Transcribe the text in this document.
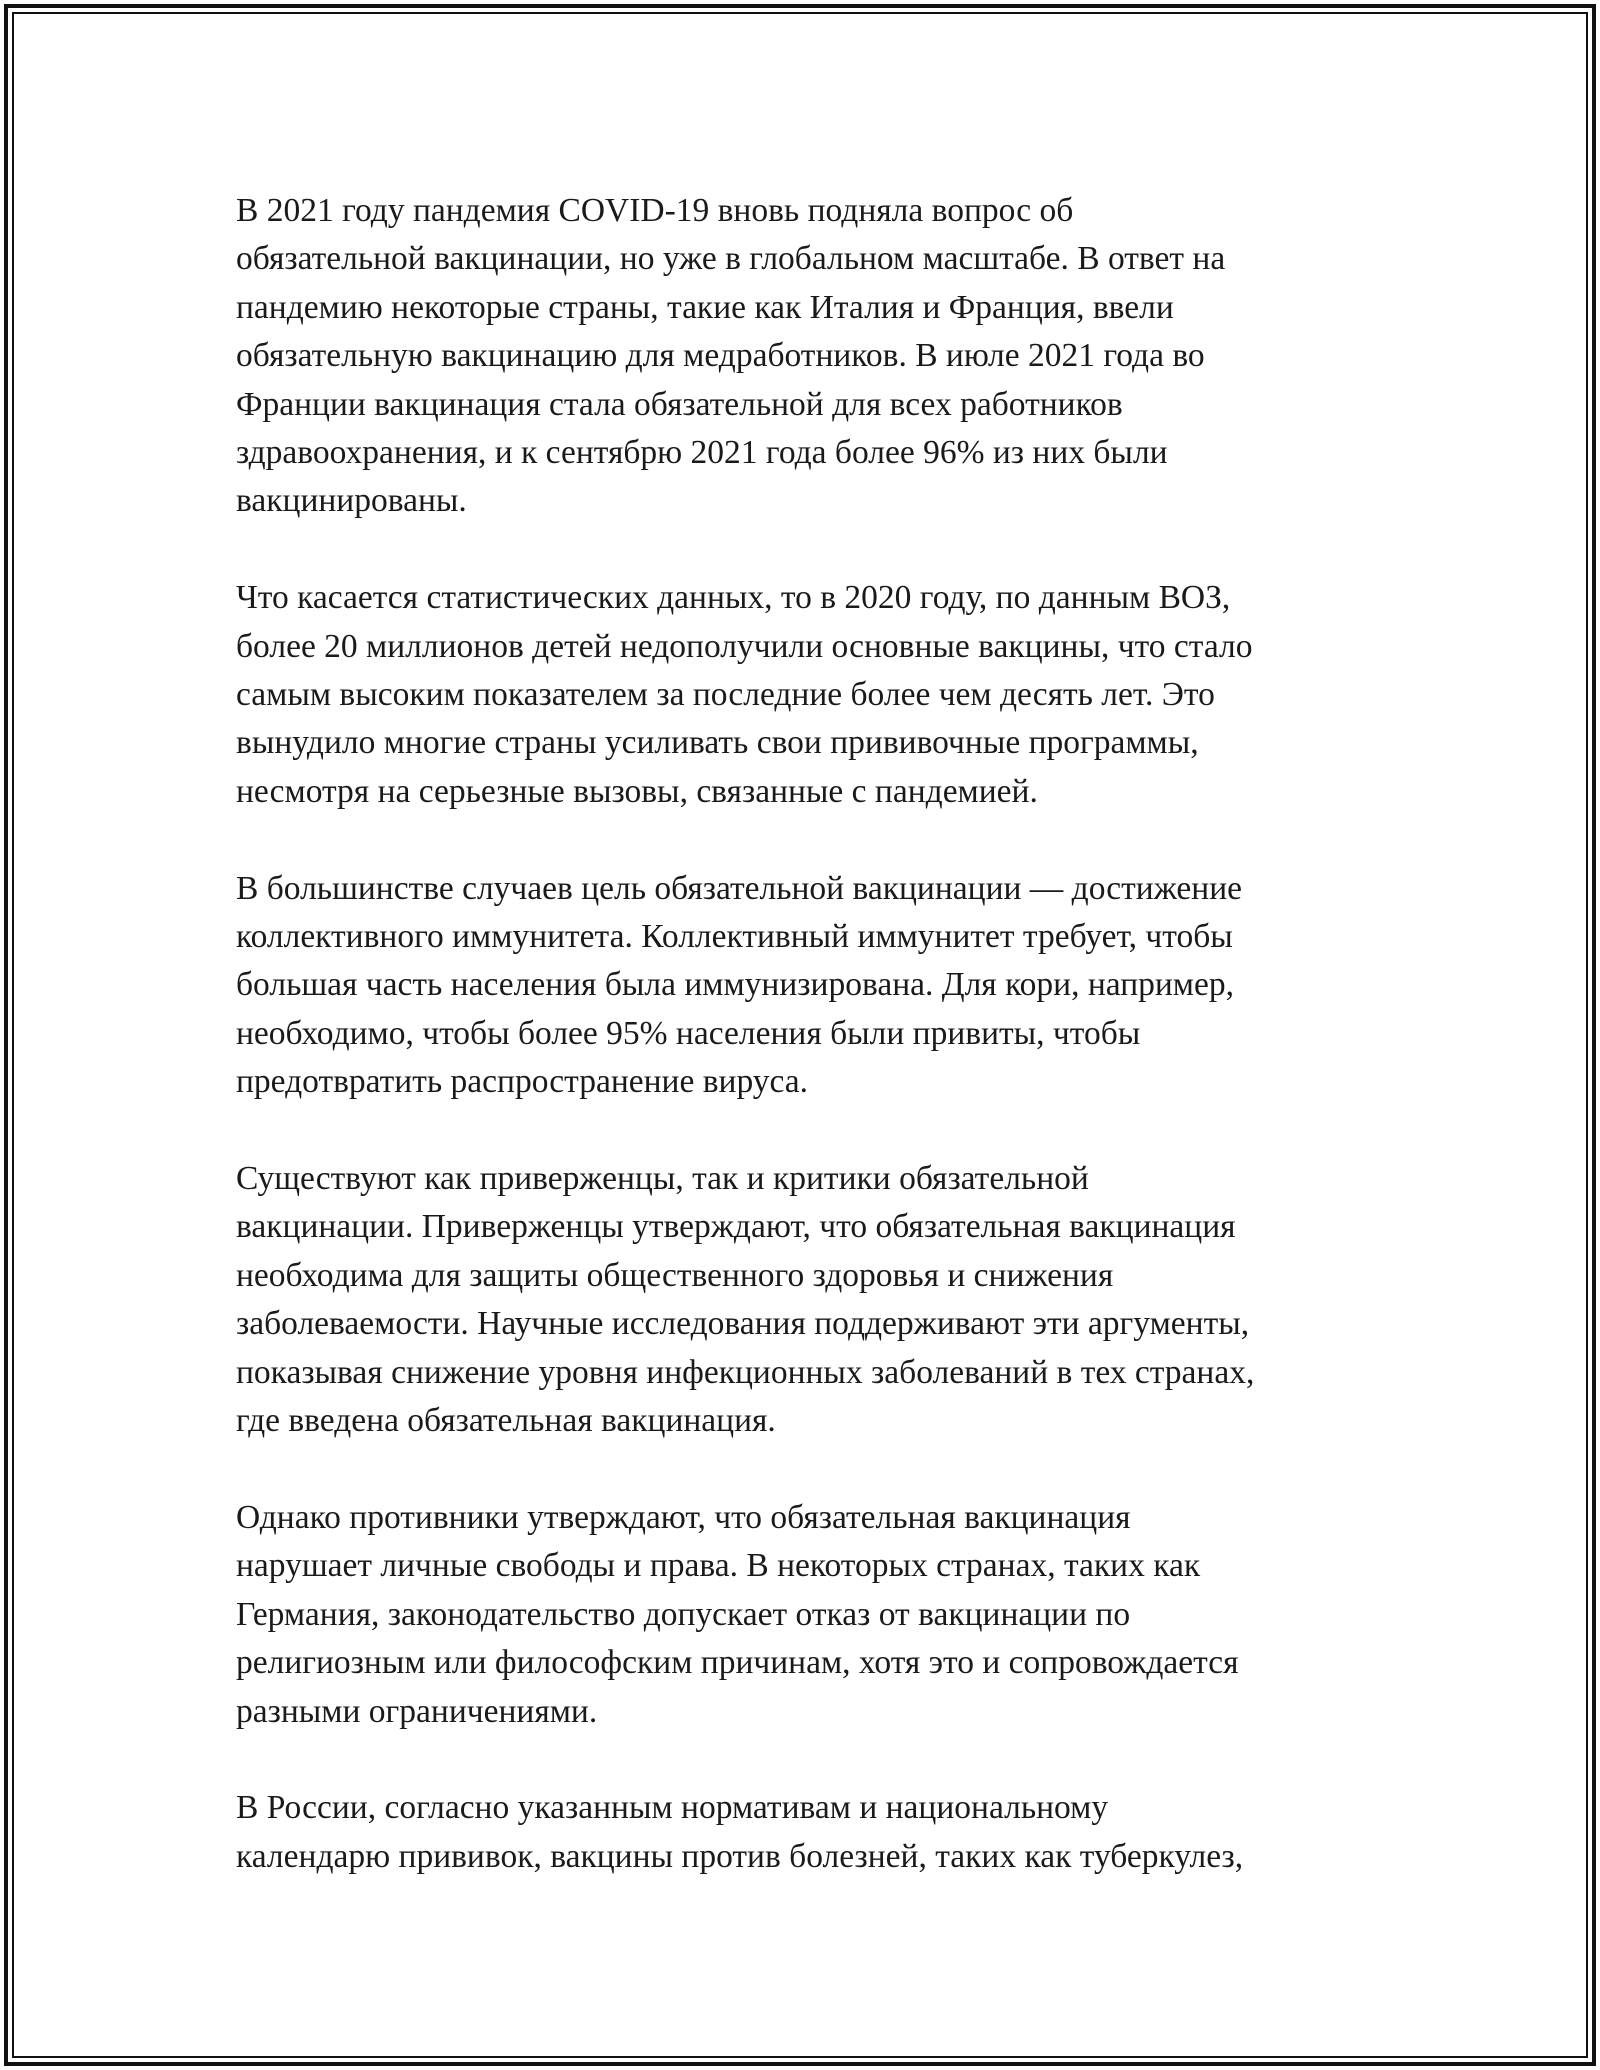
В 2021 году пандемия COVID-19 вновь подняла вопрос об
обязательной вакцинации, но уже в глобальном масштабе. В ответ на
пандемию некоторые страны, такие как Италия и Франция, ввели
обязательную вакцинацию для медработников. В июле 2021 года во
Франции вакцинация стала обязательной для всех работников
здравоохранения, и к сентябрю 2021 года более 96% из них были
вакцинированы.

Что касается статистических данных, то в 2020 году, по данным ВОЗ,
более 20 миллионов детей недополучили основные вакцины, что стало
самым высоким показателем за последние более чем десять лет. Это
вынудило многие страны усиливать свои прививочные программы,
несмотря на серьезные вызовы, связанные с пандемией.

В большинстве случаев цель обязательной вакцинации — достижение
коллективного иммунитета. Коллективный иммунитет требует, чтобы
большая часть населения была иммунизирована. Для кори, например,
необходимо, чтобы более 95% населения были привиты, чтобы
предотвратить распространение вируса.

Существуют как приверженцы, так и критики обязательной
вакцинации. Приверженцы утверждают, что обязательная вакцинация
необходима для защиты общественного здоровья и снижения
заболеваемости. Научные исследования поддерживают эти аргументы,
показывая снижение уровня инфекционных заболеваний в тех странах,
где введена обязательная вакцинация.

Однако противники утверждают, что обязательная вакцинация
нарушает личные свободы и права. В некоторых странах, таких как
Германия, законодательство допускает отказ от вакцинации по
религиозным или философским причинам, хотя это и сопровождается
разными ограничениями.

В России, согласно указанным нормативам и национальному
календарю прививок, вакцины против болезней, таких как туберкулез,
